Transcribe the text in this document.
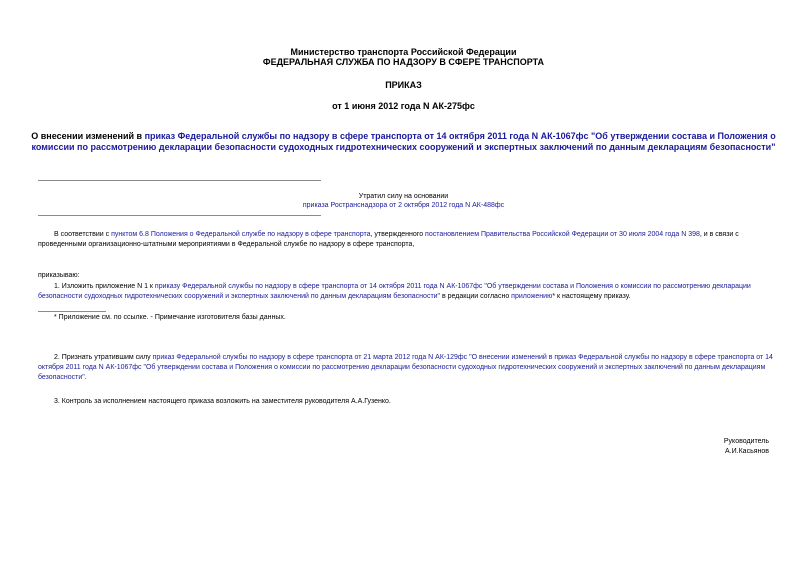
Министерство транспорта Российской Федерации
ФЕДЕРАЛЬНАЯ СЛУЖБА ПО НАДЗОРУ В СФЕРЕ ТРАНСПОРТА
ПРИКАЗ
от 1 июня 2012 года N АК-275фс
О внесении изменений в приказ Федеральной службы по надзору в сфере транспорта от 14 октября 2011 года N АК-1067фс "Об утверждении состава и Положения о комиссии по рассмотрению декларации безопасности судоходных гидротехнических сооружений и экспертных заключений по данным декларациям безопасности"
Утратил силу на основании
приказа Ространснадзора от 2 октября 2012 года N АК-488фс
В соответствии с пунктом 6.8 Положения о Федеральной службе по надзору в сфере транспорта, утвержденного постановлением Правительства Российской Федерации от 30 июля 2004 года N 398, и в связи с проведенными организационно-штатными мероприятиями в Федеральной службе по надзору в сфере транспорта,
приказываю:
1. Изложить приложение N 1 к приказу Федеральной службы по надзору в сфере транспорта от 14 октября 2011 года N АК-1067фс "Об утверждении состава и Положения о комиссии по рассмотрению декларации безопасности судоходных гидротехнических сооружений и экспертных заключений по данным декларациям безопасности" в редакции согласно приложению* к настоящему приказу.
* Приложение см. по ссылке. - Примечание изготовителя базы данных.
2. Признать утратившим силу приказ Федеральной службы по надзору в сфере транспорта от 21 марта 2012 года N АК-129фс "О внесении изменений в приказ Федеральной службы по надзору в сфере транспорта от 14 октября 2011 года N АК-1067фс "Об утверждении состава и Положения о комиссии по рассмотрению декларации безопасности судоходных гидротехнических сооружений и экспертных заключений по данным декларациям безопасности".
3. Контроль за исполнением настоящего приказа возложить на заместителя руководителя А.А.Гузенко.
Руководитель
А.И.Касьянов
